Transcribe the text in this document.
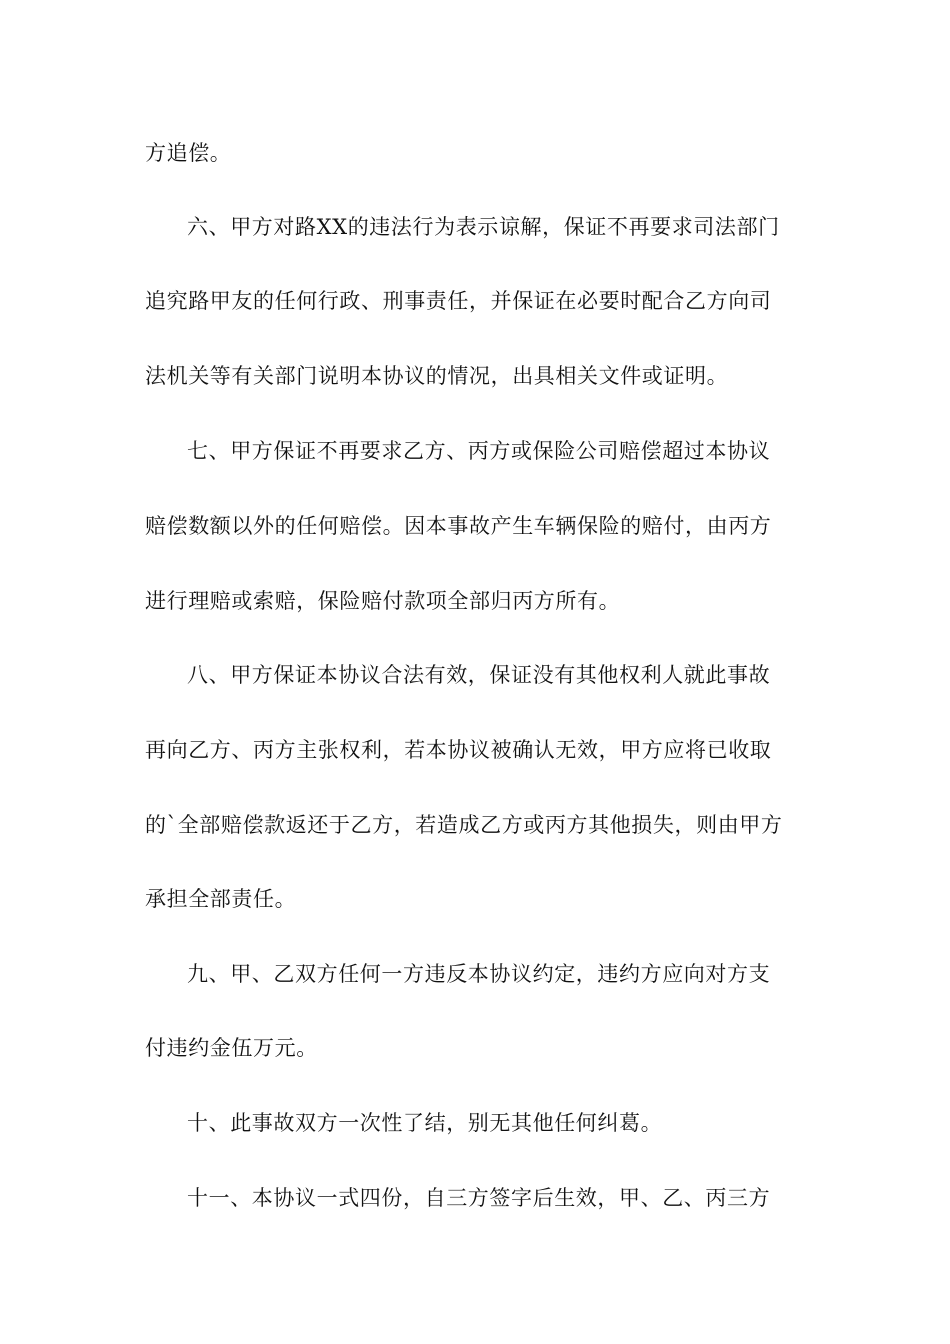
方追偿。
六、甲方对路XX的违法行为表示谅解，保证不再要求司法部门
追究路甲友的任何行政、刑事责任，并保证在必要时配合乙方向司
法机关等有关部门说明本协议的情况，出具相关文件或证明。
七、甲方保证不再要求乙方、丙方或保险公司赔偿超过本协议
赔偿数额以外的任何赔偿。因本事故产生车辆保险的赔付，由丙方
进行理赔或索赔，保险赔付款项全部归丙方所有。
八、甲方保证本协议合法有效，保证没有其他权利人就此事故
再向乙方、丙方主张权利，若本协议被确认无效，甲方应将已收取
的`全部赔偿款返还于乙方，若造成乙方或丙方其他损失，则由甲方
承担全部责任。
九、甲、乙双方任何一方违反本协议约定，违约方应向对方支
付违约金伍万元。
十、此事故双方一次性了结，别无其他任何纠葛。
十一、本协议一式四份，自三方签字后生效，甲、乙、丙三方
